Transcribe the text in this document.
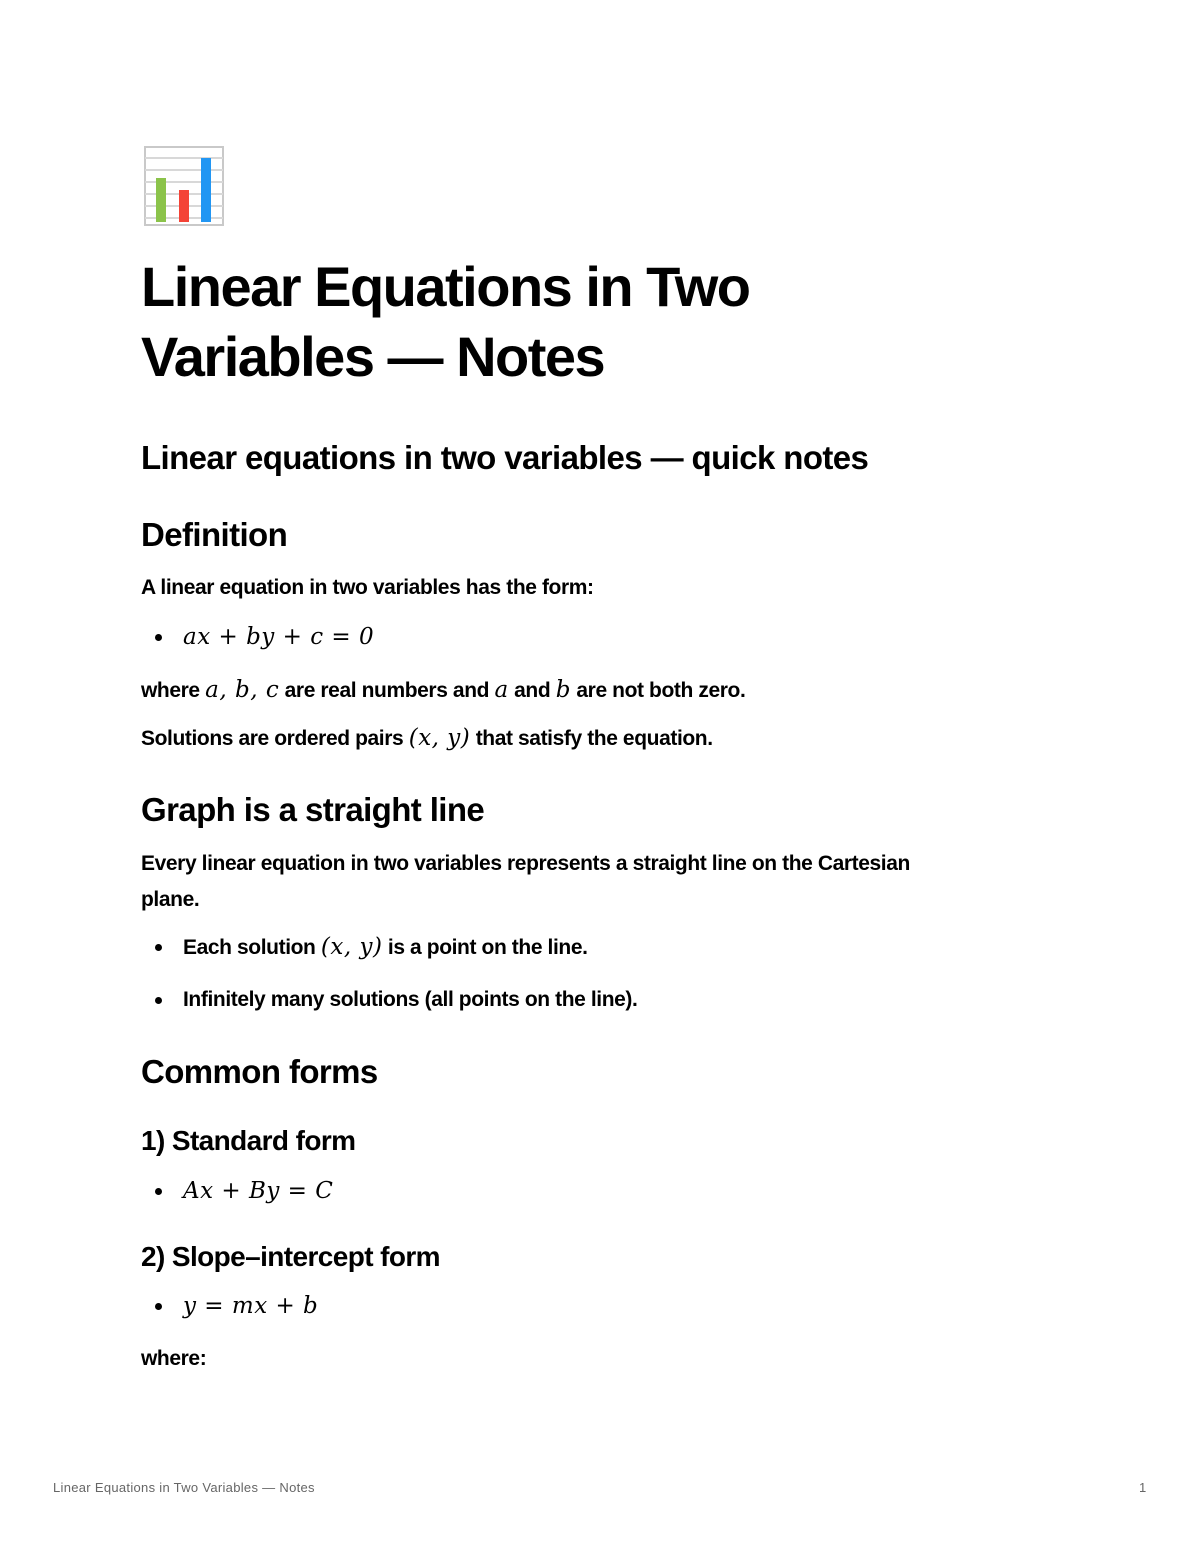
Linear Equations in Two
Variables — Notes
Linear equations in two variables — quick notes
Definition

A linear equation in two variables has the form:

ax + by + c = 0

where a, b, c are real numbers and a and b are not both zero.

Solutions are ordered pairs (x, y) that satisfy the equation.

Graph is a straight line

Every linear equation in two variables represents a straight line on the Cartesian
plane.

Each solution (x, y) is a point on the line.
Infinitely many solutions (all points on the line).
Common forms
1) Standard form
Ax + By = C
2) Slope–intercept form
y = mx + b

where:

Linear Equations in Two Variables — Notes	1
